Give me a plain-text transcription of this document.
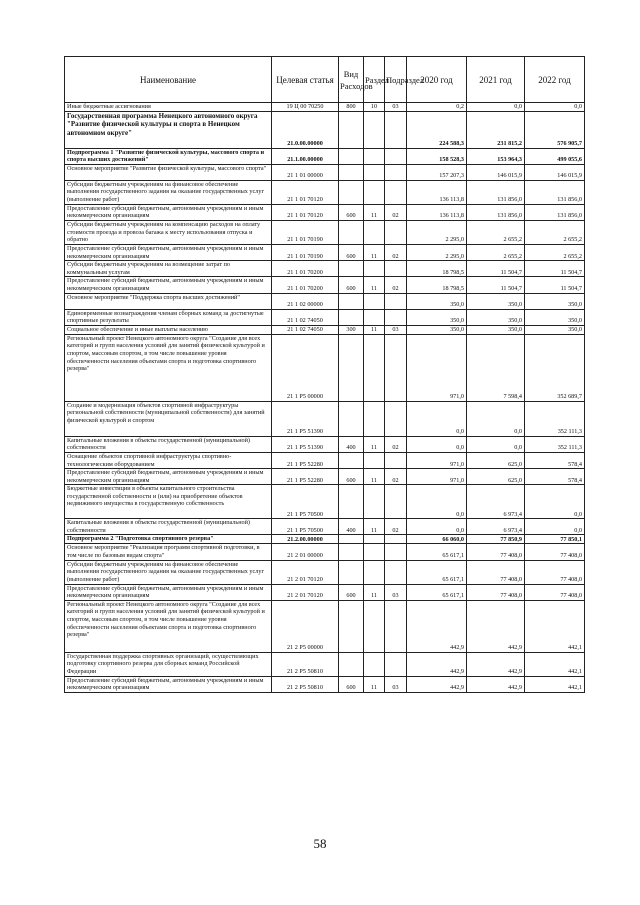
Наименование	Целевая статья	Вид Расходов	Раздел	Подраздел	2020 год	2021 год	2022 год
Иные бюджетные ассигнования	19 Ц 00 70250	800	10	03	0,2	0,0	0,0
Государственная программа Ненецкого автономного округа "Развитие физической культуры и спорта в Ненецком автономном округе"	21.0.00.00000				224 588,3	231 815,2	576 905,7
Подпрограмма 1 "Развитие физической культуры, массового спорта и спорта высших достижений"	21.1.00.00000				158 528,3	153 964,3	499 055,6
Основное мероприятие "Развитие физической культуры, массового спорта"	21 1 01 00000				157 207,3	146 015,9	146 015,9
Субсидии бюджетным учреждениям на финансовое обеспечение выполнения государственного задания на оказание государственных услуг (выполнение работ)	21 1 01 70120				136 113,8	131 856,0	131 856,0
Предоставление субсидий бюджетным, автономным учреждениям и иным некоммерческим организациям	21 1 01 70120	600	11	02	136 113,8	131 856,0	131 856,0
Субсидии бюджетным учреждениям на компенсацию расходов на оплату стоимости проезда и провоза багажа к месту использования отпуска и обратно	21 1 01 70190				2 295,0	2 655,2	2 655,2
Предоставление субсидий бюджетным, автономным учреждениям и иным некоммерческим организациям	21 1 01 70190	600	11	02	2 295,0	2 655,2	2 655,2
Субсидии бюджетным учреждениям на возмещение затрат по коммунальным услугам	21 1 01 70200				18 798,5	11 504,7	11 504,7
Предоставление субсидий бюджетным, автономным учреждениям и иным некоммерческим организациям	21 1 01 70200	600	11	02	18 798,5	11 504,7	11 504,7
Основное мероприятие "Поддержка спорта высших достижений"	21 1 02 00000				350,0	350,0	350,0
Единовременные вознаграждения членам сборных команд за достигнутые спортивные результаты	21 1 02 74050				350,0	350,0	350,0
Социальное обеспечение и иные выплаты населению	21 1 02 74050	300	11	03	350,0	350,0	350,0
Региональный проект Ненецкого автономного округа "Создание для всех категорий и групп населения условий для занятий физической культурой и спортом, массовым спортом, в том числе повышение уровня обеспеченности населения объектами спорта и подготовка спортивного резерва"	21 1 P5 00000				971,0	7 598,4	352 689,7
Создание и модернизация объектов спортивной инфраструктуры региональной собственности (муниципальной собственности) для занятий физической культурой и спортом	21 1 P5 51390				0,0	0,0	352 111,3
Капитальные вложения в объекты государственной (муниципальной) собственности	21 1 P5 51390	400	11	02	0,0	0,0	352 111,3
Оснащение объектов спортивной инфраструктуры спортивно-технологическим оборудованием	21 1 P5 52280				971,0	625,0	578,4
Предоставление субсидий бюджетным, автономным учреждениям и иным некоммерческим организациям	21 1 P5 52280	600	11	02	971,0	625,0	578,4
Бюджетные инвестиции в объекты капитального строительства государственной собственности и (или) на приобретение объектов недвижимого имущества в государственную собственность	21 1 P5 70500				0,0	6 973,4	0,0
Капитальные вложения в объекты государственной (муниципальной) собственности	21 1 P5 70500	400	11	02	0,0	6 973,4	0,0
Подпрограмма 2 "Подготовка спортивного резерва"	21.2.00.00000				66 060,0	77 850,9	77 850,1
Основное мероприятие "Реализация программ спортивной подготовки, в том числе по базовым видам спорта"	21 2 01 00000				65 617,1	77 408,0	77 408,0
Субсидии бюджетным учреждениям на финансовое обеспечение выполнения государственного задания на оказание государственных услуг (выполнение работ)	21 2 01 70120				65 617,1	77 408,0	77 408,0
Предоставление субсидий бюджетным, автономным учреждениям и иным некоммерческим организациям	21 2 01 70120	600	11	03	65 617,1	77 408,0	77 408,0
Региональный проект Ненецкого автономного округа "Создание для всех категорий и групп населения условий для занятий физической культурой и спортом, массовым спортом, в том числе повышение уровня обеспеченности населения объектами спорта и подготовка спортивного резерва"	21 2 P5 00000				442,9	442,9	442,1
Государственная поддержка спортивных организаций, осуществляющих подготовку спортивного резерва для сборных команд Российской Федерации	21 2 P5 50810				442,9	442,9	442,1
Предоставление субсидий бюджетным, автономным учреждениям и иным некоммерческим организациям	21 2 P5 50810	600	11	03	442,9	442,9	442,1
58
